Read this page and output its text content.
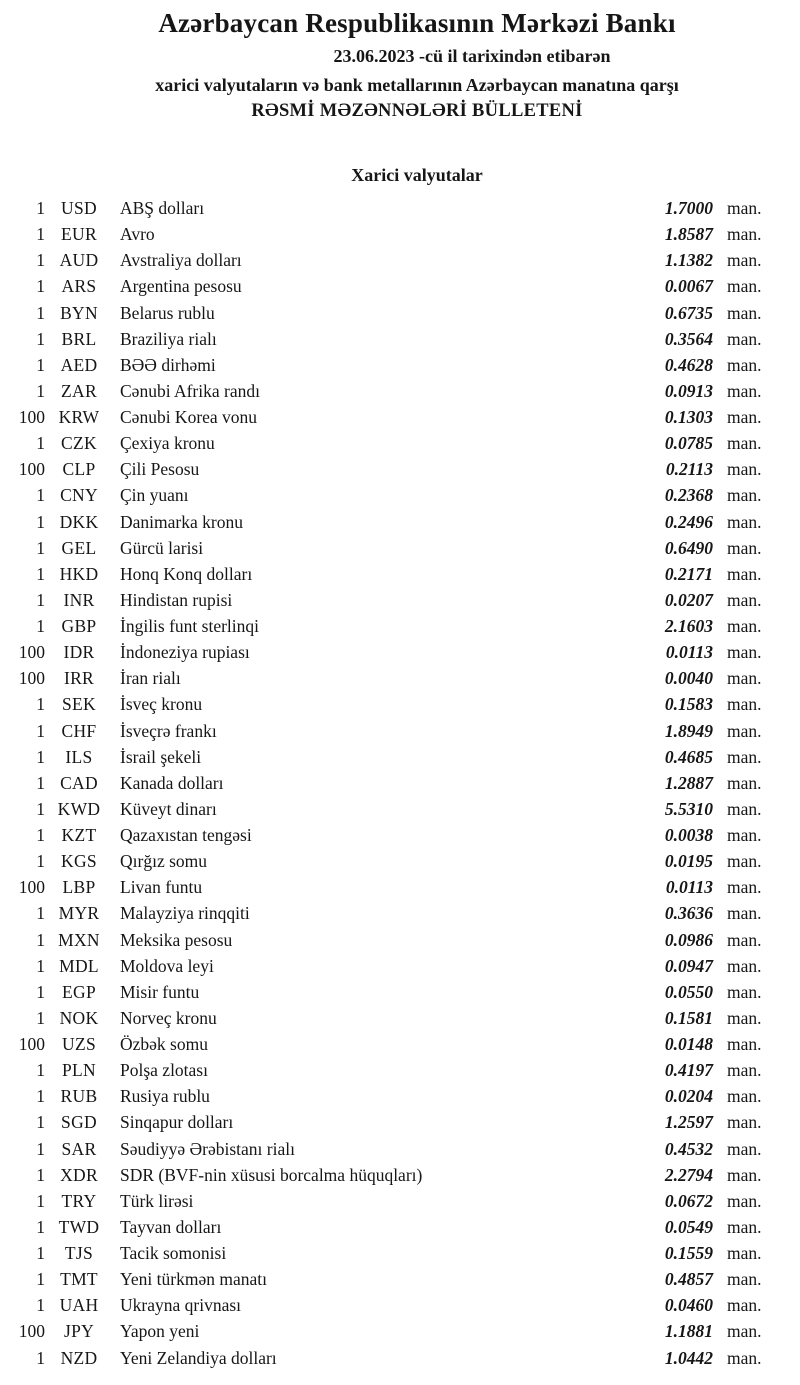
Azərbaycan Respublikasının Mərkəzi Bankı
23.06.2023 -cü il tarixindən etibarən
xarici valyutaların və bank metallarının Azərbaycan manatına qarşı
RƏSMİ MƏZƏNNƏLƏRİ BÜLLETENİ
Xarici valyutalar
1 USD	ABŞ dolları	1.7000 man.
1 EUR	Avro	1.8587 man.
1 AUD	Avstraliya dolları	1.1382 man.
1 ARS	Argentina pesosu	0.0067 man.
1 BYN	Belarus rublu	0.6735 man.
1 BRL	Braziliya rialı	0.3564 man.
1 AED	BƏƏ dirhəmi	0.4628 man.
1 ZAR	Cənubi Afrika randı	0.0913 man.
100 KRW	Cənubi Korea vonu	0.1303 man.
1 CZK	Çexiya kronu	0.0785 man.
100	CLP	Çili Pesosu	0.2113 man.
1 CNY	Çin yuanı	0.2368 man.
1 DKK	Danimarka kronu	0.2496 man.
1 GEL	Gürcü larisi	0.6490 man.
1 HKD	Honq Konq dolları	0.2171 man.
1	INR	Hindistan rupisi	0.0207 man.
1 GBP	İngilis funt sterlinqi	2.1603 man.
100	IDR	İndoneziya rupiası	0.0113 man.
100	IRR	İran rialı	0.0040 man.
1 SEK	İsveç kronu	0.1583 man.
1 CHF	İsveçrə frankı	1.8949 man.
1	ILS	İsrail şekeli	0.4685 man.
1 CAD	Kanada dolları	1.2887 man.
1 KWD	Küveyt dinarı	5.5310 man.
1 KZT	Qazaxıstan tengəsi	0.0038 man.
1 KGS	Qırğız somu	0.0195 man.
100	LBP	Livan funtu	0.0113 man.
1 MYR	Malayziya rinqqiti	0.3636 man.
1 MXN	Meksika pesosu	0.0986 man.
1 MDL	Moldova leyi	0.0947 man.
1 EGP	Misir funtu	0.0550 man.
1 NOK	Norveç kronu	0.1581 man.
100 UZS	Özbək somu	0.0148 man.
1 PLN	Polşa zlotası	0.4197 man.
1 RUB	Rusiya rublu	0.0204 man.
1 SGD	Sinqapur dolları	1.2597 man.
1 SAR	Səudiyyə Ərəbistanı rialı	0.4532 man.
1 XDR	SDR (BVF-nin xüsusi borcalma hüquqları)	2.2794 man.
1 TRY	Türk lirəsi	0.0672 man.
1 TWD	Tayvan dolları	0.0549 man.
1	TJS	Tacik somonisi	0.1559 man.
1 TMT	Yeni türkmən manatı	0.4857 man.
1 UAH	Ukrayna qrivnası	0.0460 man.
100	JPY	Yapon yeni	1.1881 man.
1 NZD	Yeni Zelandiya dolları	1.0442 man.
